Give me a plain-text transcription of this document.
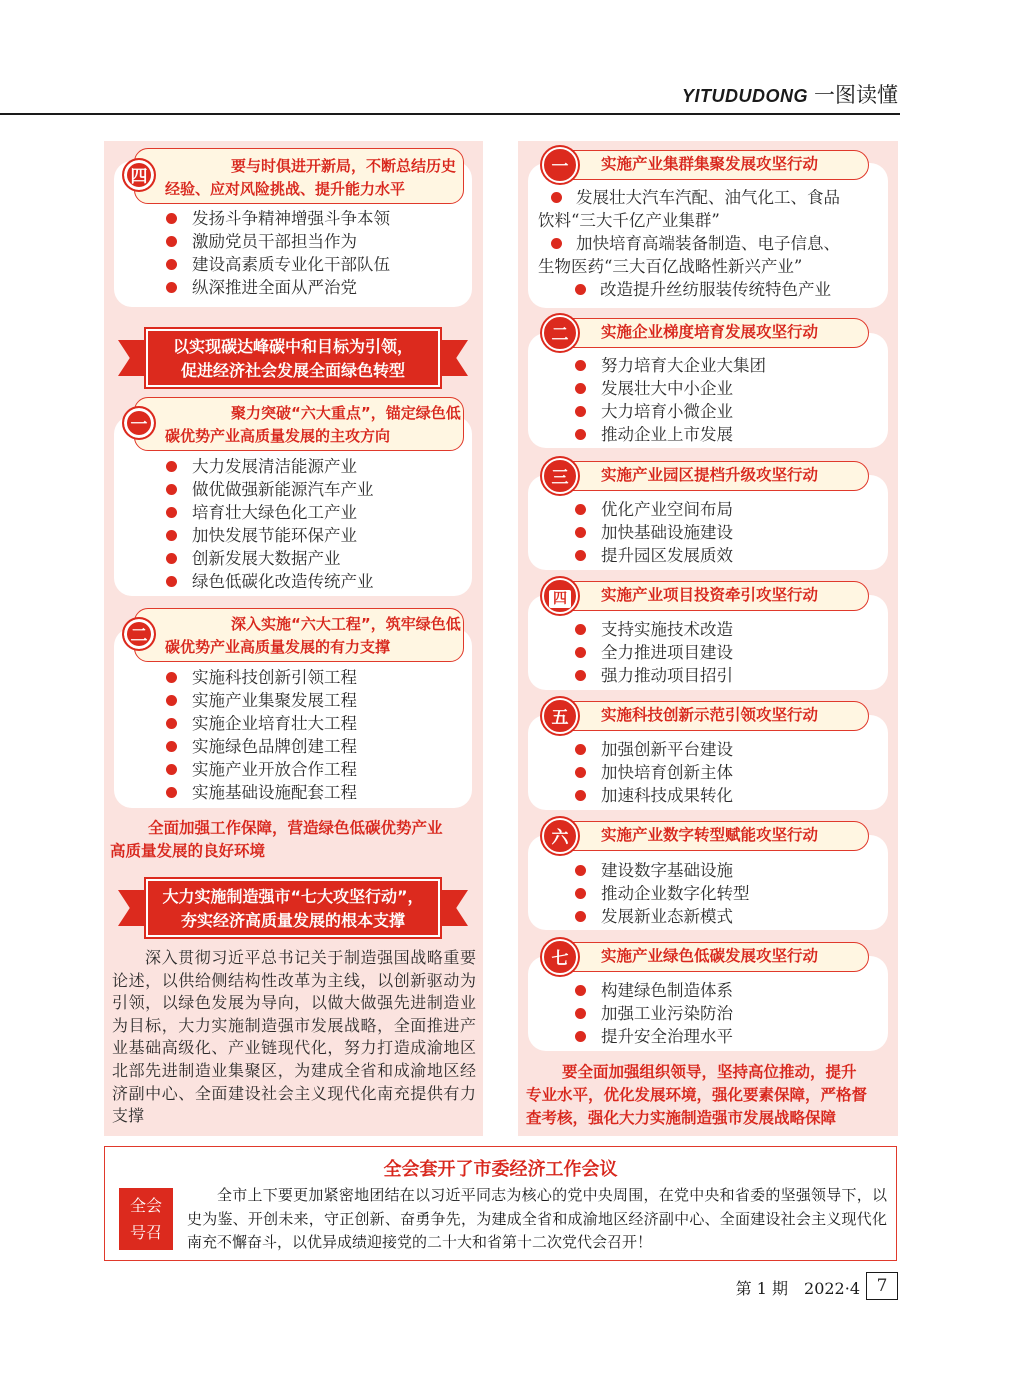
YITUDUDONG 一图读懂
要与时俱进开新局，不断总结历史
经验、应对风险挑战、提升能力水平
四
发扬斗争精神增强斗争本领
激励党员干部担当作为
建设高素质专业化干部队伍
纵深推进全面从严治党
以实现碳达峰碳中和目标为引领，
促进经济社会发展全面绿色转型
聚力突破“六大重点”，锚定绿色低
碳优势产业高质量发展的主攻方向
一
大力发展清洁能源产业
做优做强新能源汽车产业
培育壮大绿色化工产业
加快发展节能环保产业
创新发展大数据产业
绿色低碳化改造传统产业
深入实施“六大工程”，筑牢绿色低
碳优势产业高质量发展的有力支撑
二
实施科技创新引领工程
实施产业集聚发展工程
实施企业培育壮大工程
实施绿色品牌创建工程
实施产业开放合作工程
实施基础设施配套工程
全面加强工作保障，营造绿色低碳优势产业
高质量发展的良好环境
大力实施制造强市“七大攻坚行动”，
夯实经济高质量发展的根本支撑
深入贯彻习近平总书记关于制造强国战略重要论述，以供给侧结构性改革为主线，以创新驱动为引领，以绿色发展为导向，以做大做强先进制造业为目标，大力实施制造强市发展战略，全面推进产业基础高级化、产业链现代化，努力打造成渝地区北部先进制造业集聚区，为建成全省和成渝地区经济副中心、全面建设社会主义现代化南充提供有力支撑
实施产业集群集聚发展攻坚行动
一
发展壮大汽车汽配、油气化工、食品
饮料“三大千亿产业集群”
加快培育高端装备制造、电子信息、
生物医药“三大百亿战略性新兴产业”
改造提升丝纺服装传统特色产业
实施企业梯度培育发展攻坚行动
二
努力培育大企业大集团
发展壮大中小企业
大力培育小微企业
推动企业上市发展
实施产业园区提档升级攻坚行动
三
优化产业空间布局
加快基础设施建设
提升园区发展质效
实施产业项目投资牵引攻坚行动
四
支持实施技术改造
全力推进项目建设
强力推动项目招引
实施科技创新示范引领攻坚行动
五
加强创新平台建设
加快培育创新主体
加速科技成果转化
实施产业数字转型赋能攻坚行动
六
建设数字基础设施
推动企业数字化转型
发展新业态新模式
实施产业绿色低碳发展攻坚行动
七
构建绿色制造体系
加强工业污染防治
提升安全治理水平
要全面加强组织领导，坚持高位推动，提升
专业水平，优化发展环境，强化要素保障，严格督
查考核，强化大力实施制造强市发展战略保障
全会套开了市委经济工作会议
全会
号召
全市上下要更加紧密地团结在以习近平同志为核心的党中央周围，在党中央和省委的坚强领导下，以史为鉴、开创未来，守正创新、奋勇争先，为建成全省和成渝地区经济副中心、全面建设社会主义现代化南充不懈奋斗，以优异成绩迎接党的二十大和省第十二次党代会召开！
第 1 期　2022·4 7
